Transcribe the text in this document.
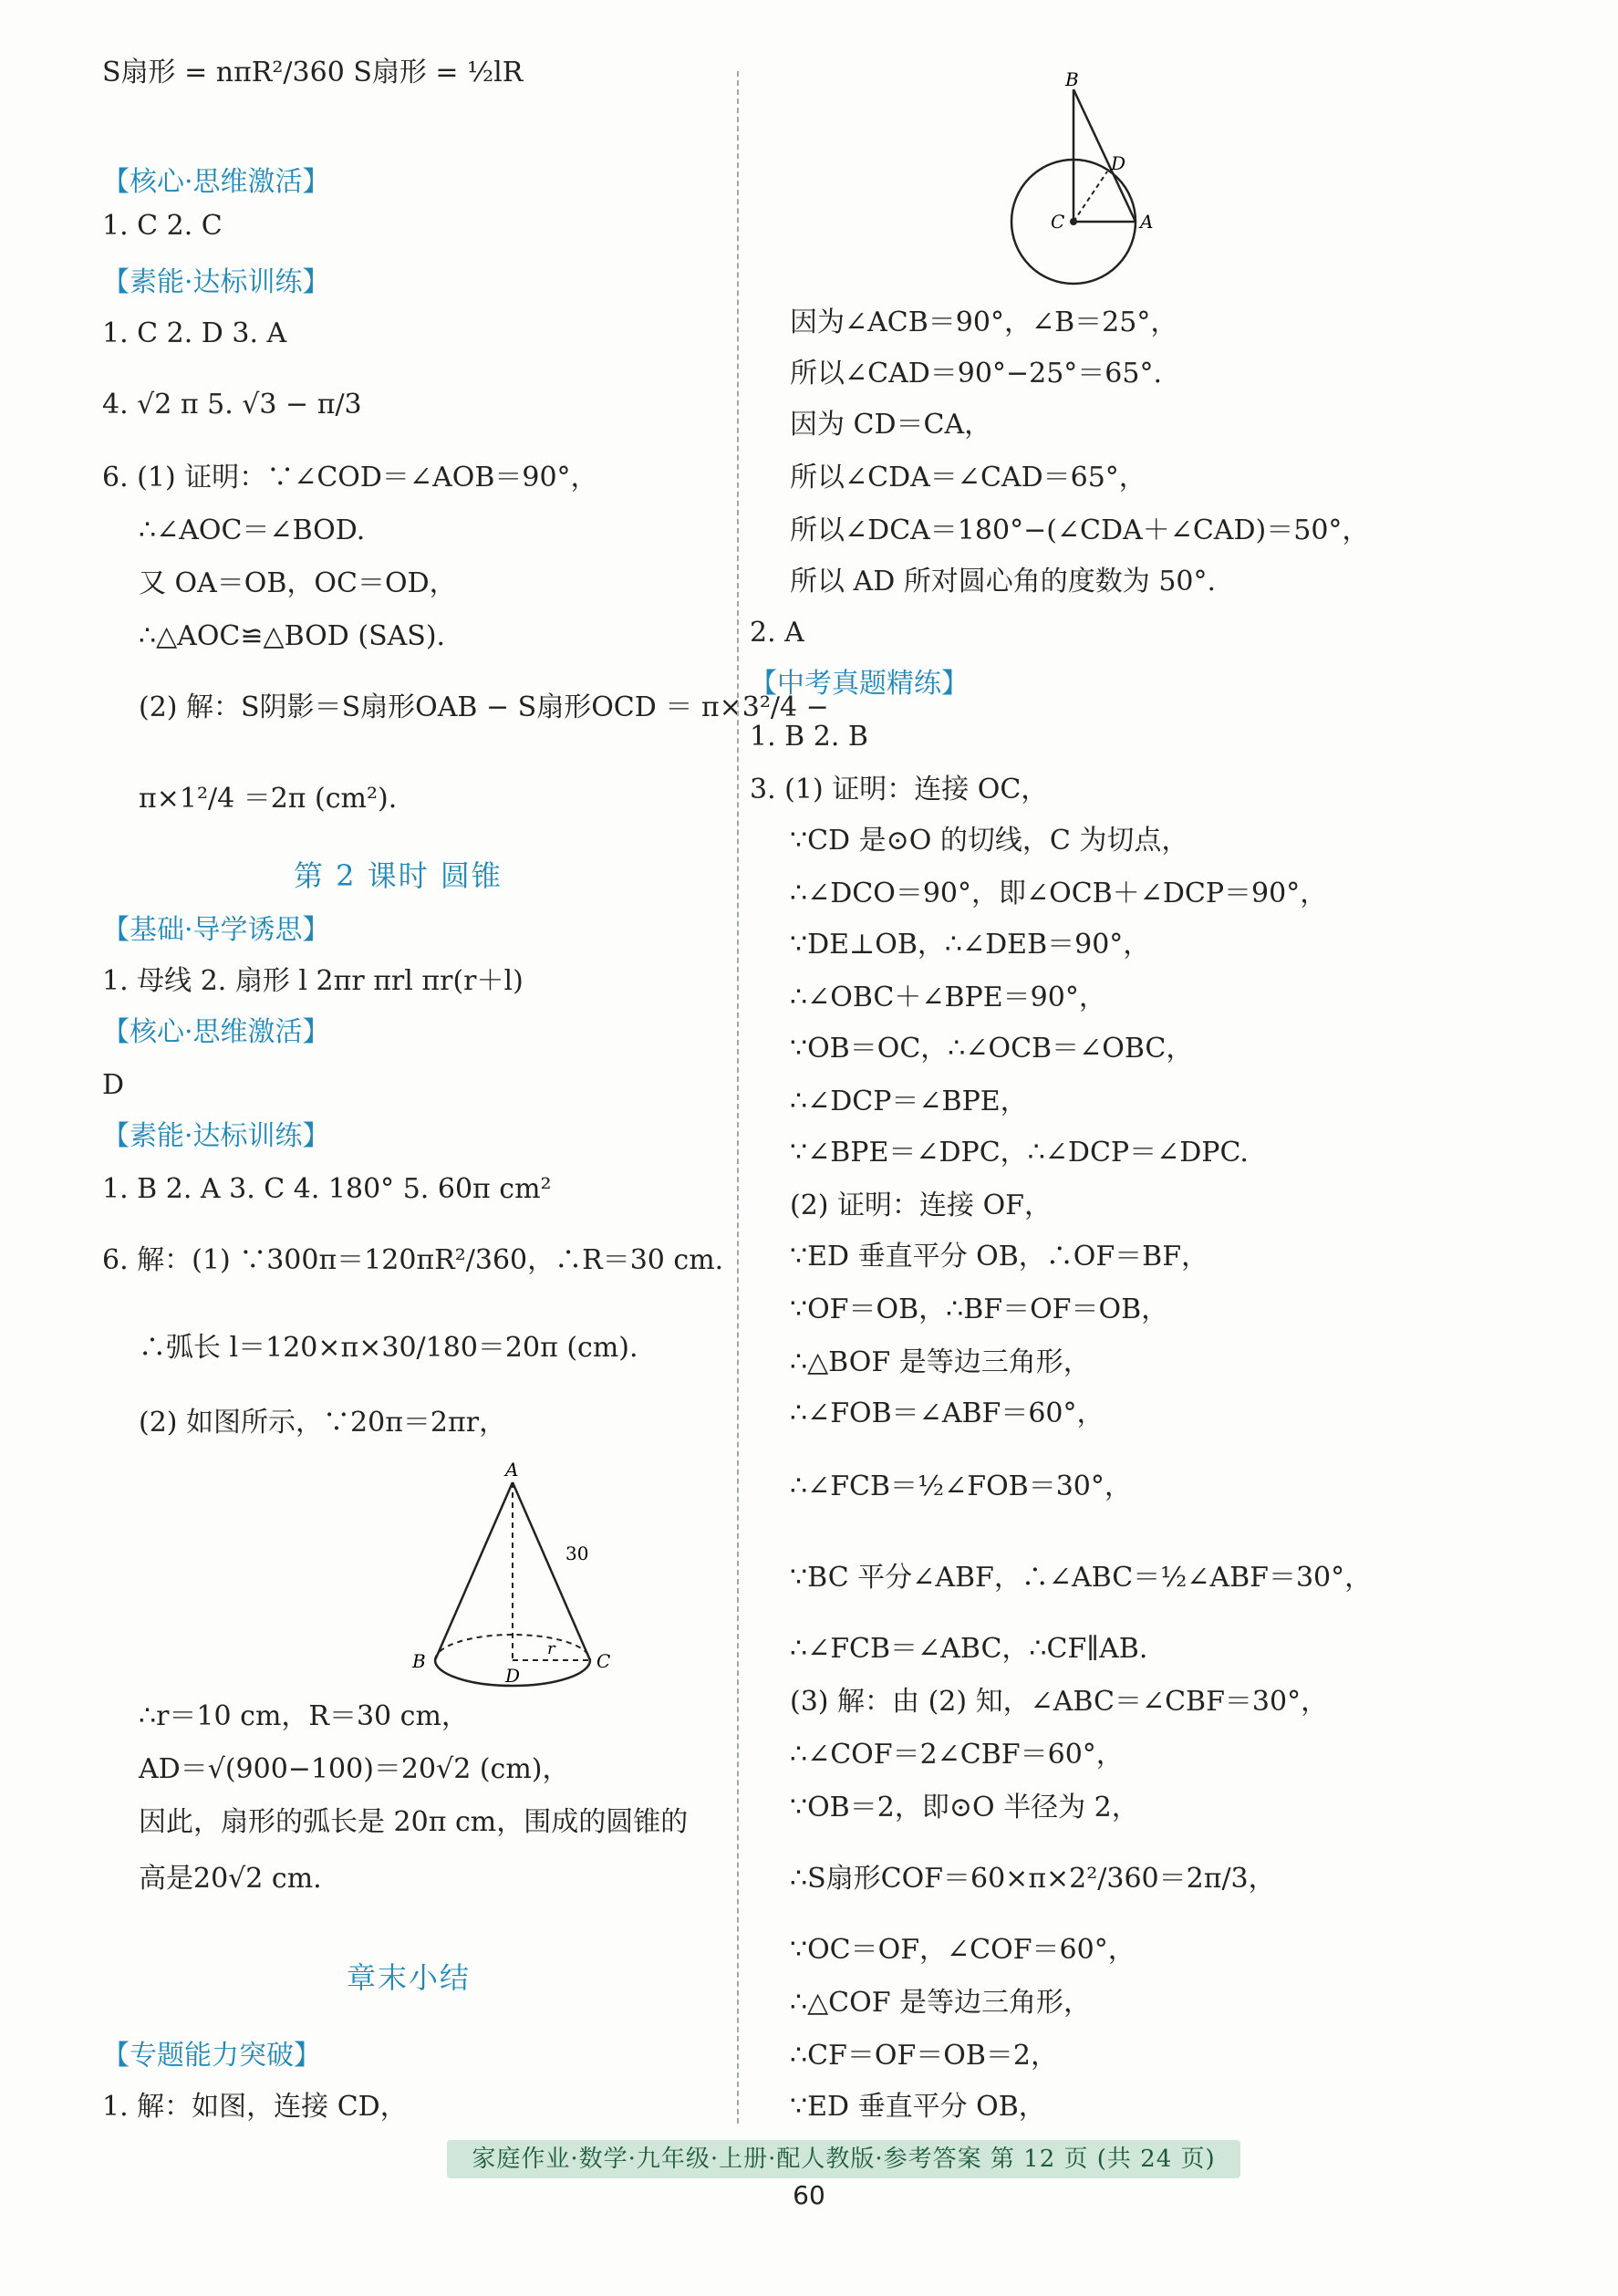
S扇形 = nπR²/360 S扇形 = ½lR
【核心·思维激活】
1. C 2. C
【素能·达标训练】
1. C 2. D 3. A
4. √2 π 5. √3 − π/3
6. (1) 证明：∵∠COD＝∠AOB＝90°，
∴∠AOC＝∠BOD.
又 OA＝OB，OC＝OD，
∴△AOC≌△BOD (SAS).
(2) 解：S阴影＝S扇形OAB − S扇形OCD ＝ π×3²/4 −
π×1²/4 ＝2π (cm²).
第 2 课时 圆锥
【基础·导学诱思】
1. 母线 2. 扇形 l 2πr πrl πr(r＋l)
【核心·思维激活】
D
【素能·达标训练】
1. B 2. A 3. C 4. 180° 5. 60π cm²
6. 解：(1) ∵300π＝120πR²/360，∴R＝30 cm.
∴弧长 l＝120×π×30/180＝20π (cm).
(2) 如图所示，∵20π＝2πr，
A
B	C
D
r
30
∴r＝10 cm，R＝30 cm，
AD＝√(900−100)＝20√2 (cm)，
因此，扇形的弧长是 20π cm，围成的圆锥的
高是20√2 cm.
章末小结
【专题能力突破】
1. 解：如图，连接 CD，
B
D
C	A
因为∠ACB＝90°，∠B＝25°，
所以∠CAD＝90°−25°＝65°.
因为 CD＝CA，
所以∠CDA＝∠CAD＝65°，
所以∠DCA＝180°−(∠CDA＋∠CAD)＝50°，
所以 AD 所对圆心角的度数为 50°.
2. A
【中考真题精练】
1. B 2. B
3. (1) 证明：连接 OC，
∵CD 是⊙O 的切线，C 为切点，
∴∠DCO＝90°，即∠OCB＋∠DCP＝90°，
∵DE⊥OB，∴∠DEB＝90°，
∴∠OBC＋∠BPE＝90°，
∵OB＝OC，∴∠OCB＝∠OBC，
∴∠DCP＝∠BPE，
∵∠BPE＝∠DPC，∴∠DCP＝∠DPC.
(2) 证明：连接 OF，
∵ED 垂直平分 OB，∴OF＝BF，
∵OF＝OB，∴BF＝OF＝OB，
∴△BOF 是等边三角形，
∴∠FOB＝∠ABF＝60°，
∴∠FCB＝½∠FOB＝30°，
∵BC 平分∠ABF，∴∠ABC＝½∠ABF＝30°，
∴∠FCB＝∠ABC，∴CF∥AB.
(3) 解：由 (2) 知，∠ABC＝∠CBF＝30°，
∴∠COF＝2∠CBF＝60°，
∵OB＝2，即⊙O 半径为 2，
∴S扇形COF＝60×π×2²/360＝2π/3，
∵OC＝OF，∠COF＝60°，
∴△COF 是等边三角形，
∴CF＝OF＝OB＝2，
∵ED 垂直平分 OB，
家庭作业·数学·九年级·上册·配人教版·参考答案 第 12 页 (共 24 页)
60
